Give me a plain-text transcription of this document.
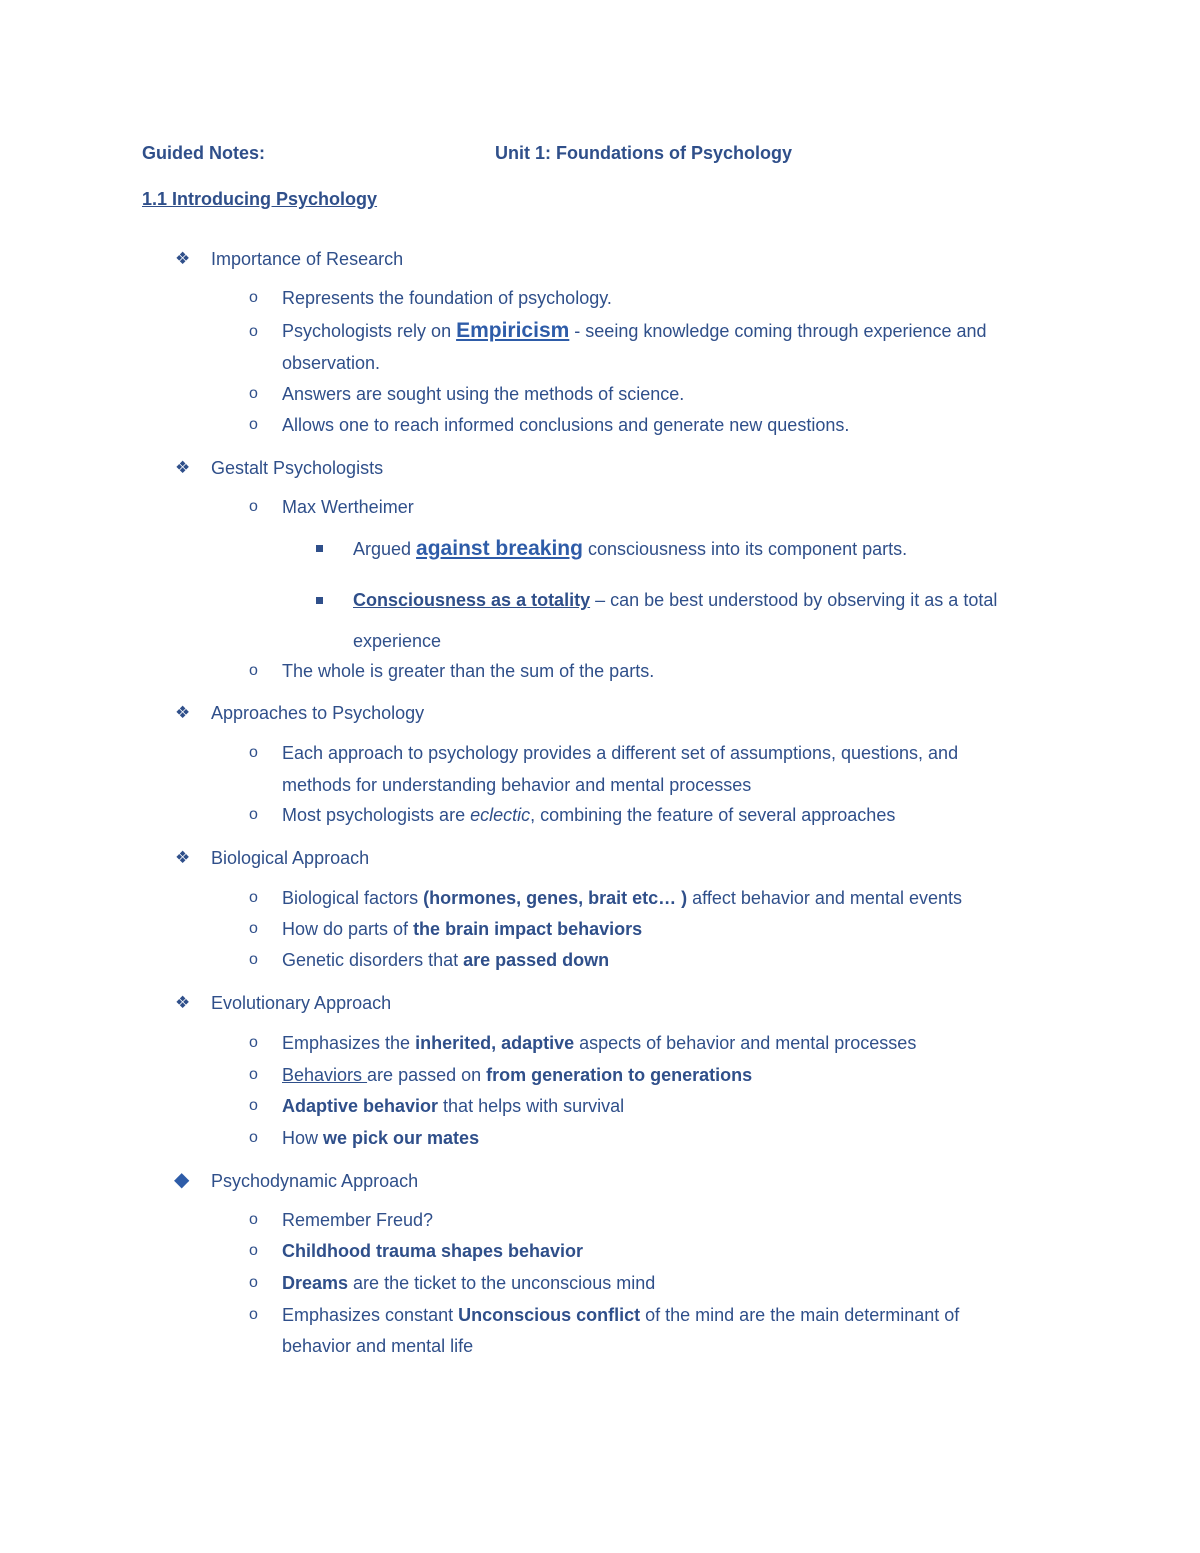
Guided Notes:	Unit 1: Foundations of Psychology
1.1 Introducing Psychology
❖ Importance of Research
o Represents the foundation of psychology.
o Psychologists rely on Empiricism - seeing knowledge coming through experience and
observation.
o Answers are sought using the methods of science.
o Allows one to reach informed conclusions and generate new questions.
❖ Gestalt Psychologists
o Max Wertheimer
Argued against breaking consciousness into its component parts.
Consciousness as a totality – can be best understood by observing it as a total
experience
o The whole is greater than the sum of the parts.
❖ Approaches to Psychology
o Each approach to psychology provides a different set of assumptions, questions, and
methods for understanding behavior and mental processes
o Most psychologists are eclectic, combining the feature of several approaches
❖ Biological Approach
o Biological factors (hormones, genes, brait etc… ) affect behavior and mental events
o How do parts of the brain impact behaviors
o Genetic disorders that are passed down
❖ Evolutionary Approach
o Emphasizes the inherited, adaptive aspects of behavior and mental processes
o Behaviors are passed on from generation to generations
o Adaptive behavior that helps with survival
o How we pick our mates
◆ Psychodynamic Approach
o Remember Freud?
o Childhood trauma shapes behavior
o Dreams are the ticket to the unconscious mind
o Emphasizes constant Unconscious conflict of the mind are the main determinant of
behavior and mental life
